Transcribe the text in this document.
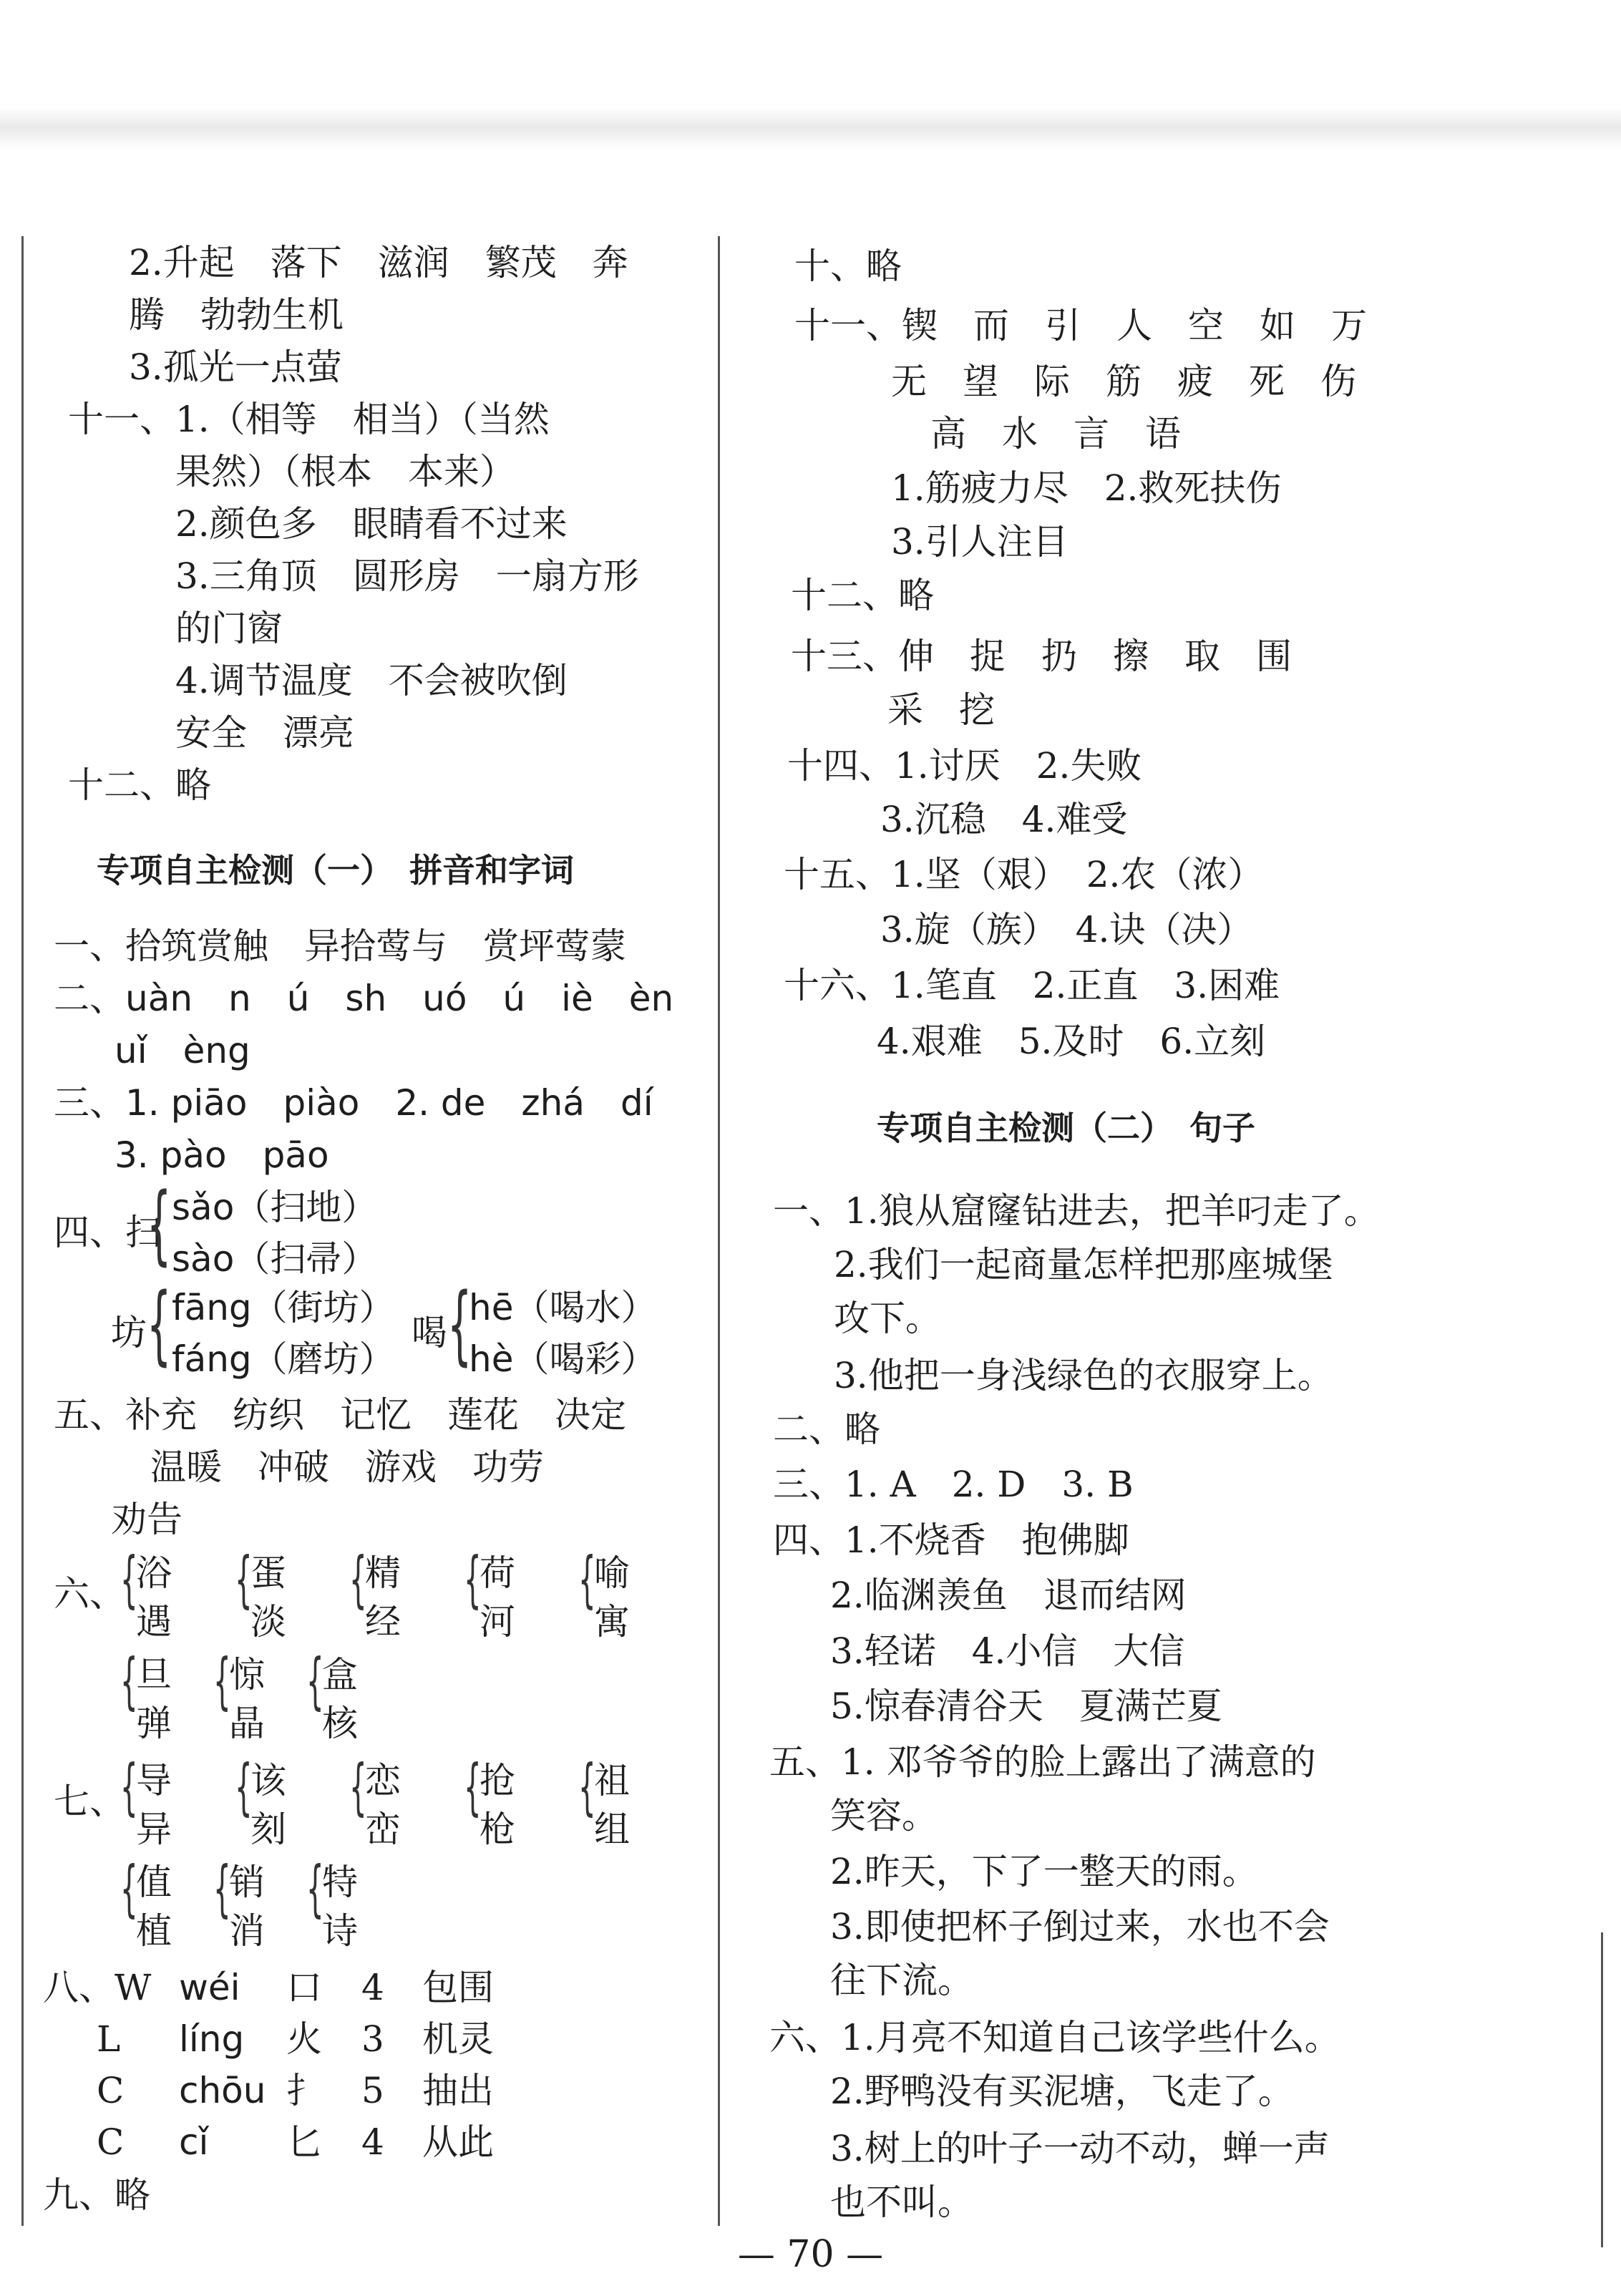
2.升起　落下　滋润　繁茂　奔
腾　勃勃生机
3.孤光一点萤
十一、1.（相等　相当）（当然
果然）（根本　本来）
2.颜色多　眼睛看不过来
3.三角顶　圆形房　一扇方形
的门窗
4.调节温度　不会被吹倒
安全　漂亮
十二、略
专项自主检测（一）　拼音和字词
一、拾筑赏触　异拾莺与　赏坪莺蒙
二、uàn　n　ú　sh　uó　ú　iè　èn
uǐ　èng
三、1. piāo　piào　2. de　zhá　dí
3. pào　pāo
四、扫
{ sǎo（扫地）
sào（扫帚）
坊 { fāng（街坊）
fáng（磨坊）
喝 {
hē（喝水）
hè（喝彩）
五、补充　纺织　记忆　莲花　决定
温暖　冲破　游戏　功劳
劝告
六、
{
浴
遇
{
蛋
淡
{
精
经
{
荷
河
{
喻
寓
{
旦
弹
{
惊
晶
{
盒
核
七、
{
导
异
{
该
刻
{
恋
峦
{
抢
枪
{
祖
组
{
值
植
{
销
消
{
特
诗
八、W wéi 口 4 包围
L líng 火 3 机灵
C chōu 扌 5 抽出
C cǐ 匕 4 从此
九、略
十、略
十一、锲　而　引　人　空　如　万
无　望　际　筋　疲　死　伤
高　水　言　语
1.筋疲力尽　2.救死扶伤
3.引人注目
十二、略
十三、伸　捉　扔　擦　取　围
采　挖
十四、1.讨厌　2.失败
3.沉稳　4.难受
十五、1.坚（艰）　2.农（浓）
3.旋（族）　4.诀（决）
十六、1.笔直　2.正直　3.困难
4.艰难　5.及时　6.立刻
专项自主检测（二）　句子
一、1.狼从窟窿钻进去，把羊叼走了。
2.我们一起商量怎样把那座城堡
攻下。
3.他把一身浅绿色的衣服穿上。
二、略
三、1. A　2. D　3. B
四、1.不烧香　抱佛脚
2.临渊羡鱼　退而结网
3.轻诺　4.小信　大信
5.惊春清谷天　夏满芒夏
五、1. 邓爷爷的脸上露出了满意的
笑容。
2.昨天，下了一整天的雨。
3.即使把杯子倒过来，水也不会
往下流。
六、1.月亮不知道自己该学些什么。
2.野鸭没有买泥塘，飞走了。
3.树上的叶子一动不动，蝉一声
也不叫。
— 70 —
